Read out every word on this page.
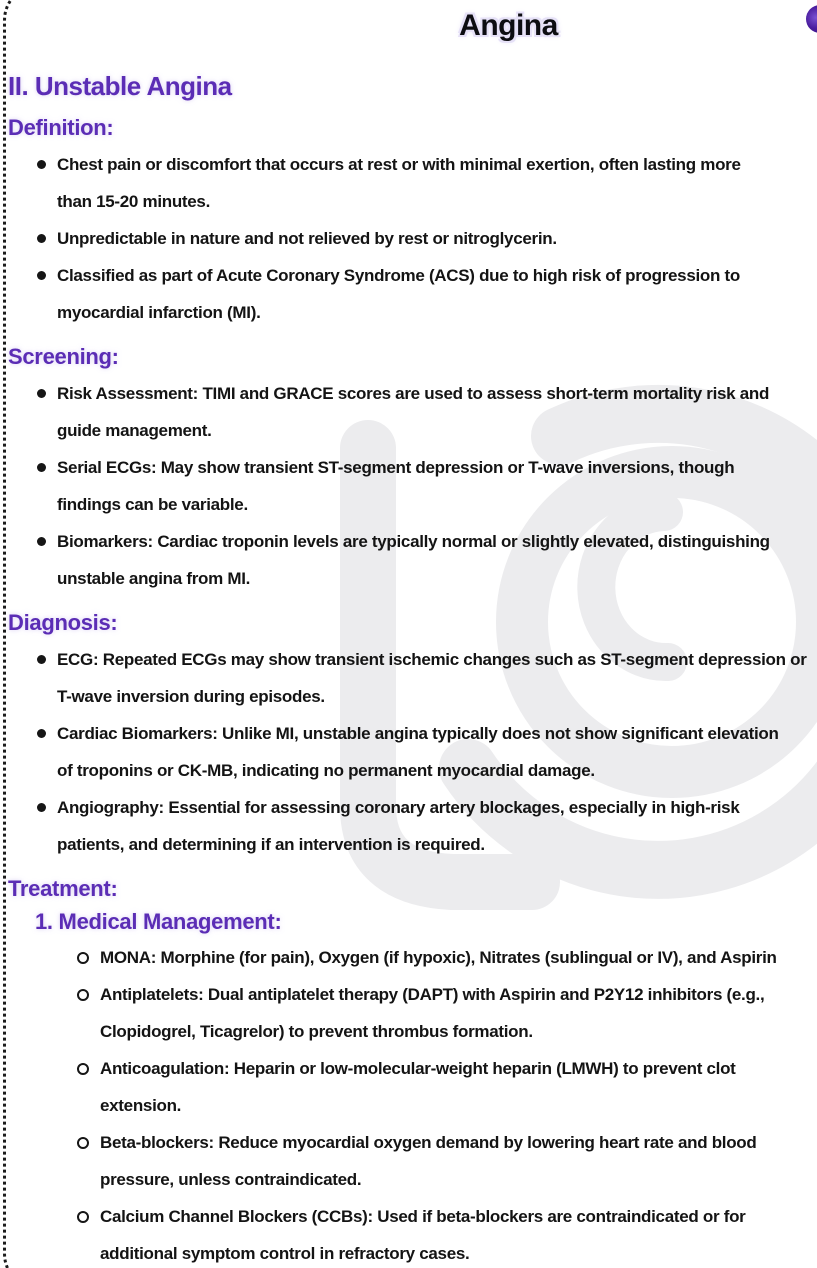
Angina
II. Unstable Angina
Definition:
Chest pain or discomfort that occurs at rest or with minimal exertion, often lasting more
than 15-20 minutes.
Unpredictable in nature and not relieved by rest or nitroglycerin.
Classified as part of Acute Coronary Syndrome (ACS) due to high risk of progression to
myocardial infarction (MI).
Screening:
Risk Assessment: TIMI and GRACE scores are used to assess short-term mortality risk and
guide management.
Serial ECGs: May show transient ST-segment depression or T-wave inversions, though
findings can be variable.
Biomarkers: Cardiac troponin levels are typically normal or slightly elevated, distinguishing
unstable angina from MI.
Diagnosis:
ECG: Repeated ECGs may show transient ischemic changes such as ST-segment depression or
T-wave inversion during episodes.
Cardiac Biomarkers: Unlike MI, unstable angina typically does not show significant elevation
of troponins or CK-MB, indicating no permanent myocardial damage.
Angiography: Essential for assessing coronary artery blockages, especially in high-risk
patients, and determining if an intervention is required.
Treatment:
1. Medical Management:
MONA: Morphine (for pain), Oxygen (if hypoxic), Nitrates (sublingual or IV), and Aspirin
Antiplatelets: Dual antiplatelet therapy (DAPT) with Aspirin and P2Y12 inhibitors (e.g.,
Clopidogrel, Ticagrelor) to prevent thrombus formation.
Anticoagulation: Heparin or low-molecular-weight heparin (LMWH) to prevent clot
extension.
Beta-blockers: Reduce myocardial oxygen demand by lowering heart rate and blood
pressure, unless contraindicated.
Calcium Channel Blockers (CCBs): Used if beta-blockers are contraindicated or for
additional symptom control in refractory cases.
